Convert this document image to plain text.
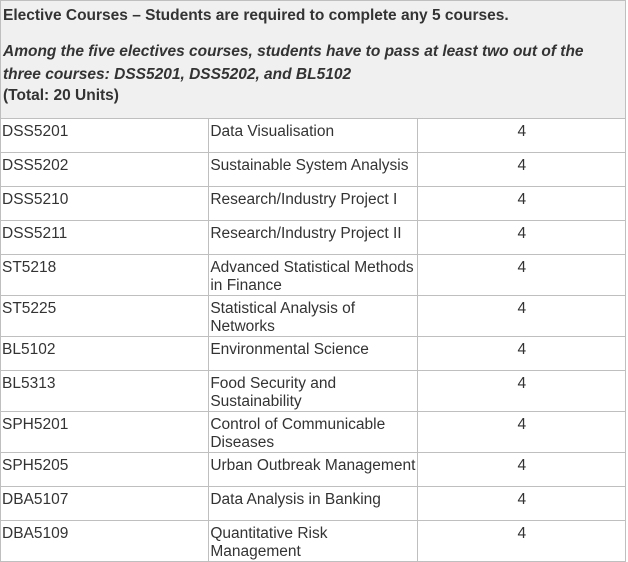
Elective Courses – Students are required to complete any 5 courses.

Among the five electives courses, students have to pass at least two out of the three courses: DSS5201, DSS5202, and BL5102

(Total: 20 Units)		

DSS5201	Data Visualisation	4
DSS5202	Sustainable System Analysis	4
DSS5210	Research/Industry Project I	4
DSS5211	Research/Industry Project II	4
ST5218	Advanced Statistical Methods in Finance	4
ST5225	Statistical Analysis of Networks	4
BL5102	Environmental Science	4
BL5313	Food Security and Sustainability	4
SPH5201	Control of Communicable Diseases	4
SPH5205	Urban Outbreak Management	4
DBA5107	Data Analysis in Banking	4
DBA5109	Quantitative Risk Management	4
